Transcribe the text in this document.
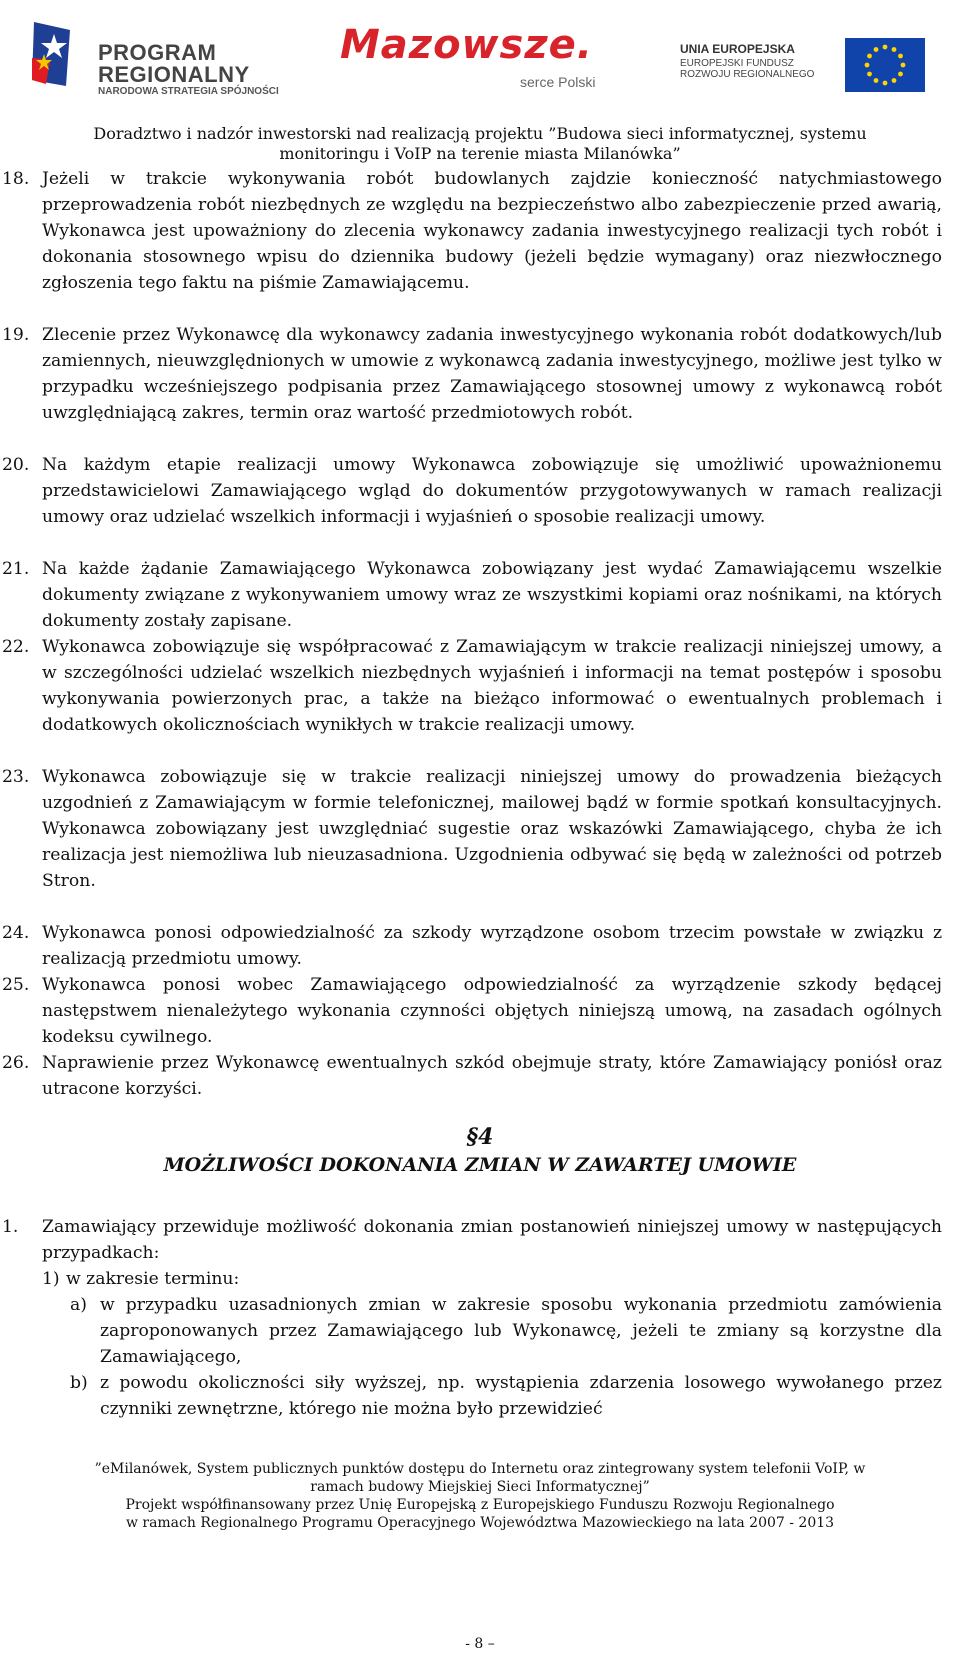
PROGRAM
REGIONALNY
NARODOWA STRATEGIA SPÓJNOŚCI
Mazowsze.
serce Polski
UNIA EUROPEJSKA
EUROPEJSKI FUNDUSZ
ROZWOJU REGIONALNEGO
Doradztwo i nadzór inwestorski nad realizacją projektu ”Budowa sieci informatycznej, systemu
monitoringu i VoIP na terenie miasta Milanówka”
18. Jeżeli w trakcie wykonywania robót budowlanych zajdzie konieczność natychmiastowego przeprowadzenia robót niezbędnych ze względu na bezpieczeństwo albo zabezpieczenie przed awarią, Wykonawca jest upoważniony do zlecenia wykonawcy zadania inwestycyjnego realizacji tych robót i dokonania stosownego wpisu do dziennika budowy (jeżeli będzie wymagany) oraz niezwłocznego zgłoszenia tego faktu na piśmie Zamawiającemu.
19. Zlecenie przez Wykonawcę dla wykonawcy zadania inwestycyjnego wykonania robót dodatkowych/lub zamiennych, nieuwzględnionych w umowie z wykonawcą zadania inwestycyjnego, możliwe jest tylko w przypadku wcześniejszego podpisania przez Zamawiającego stosownej umowy z wykonawcą robót uwzględniającą zakres, termin oraz wartość przedmiotowych robót.
20. Na każdym etapie realizacji umowy Wykonawca zobowiązuje się umożliwić upoważnionemu przedstawicielowi Zamawiającego wgląd do dokumentów przygotowywanych w ramach realizacji umowy oraz udzielać wszelkich informacji i wyjaśnień o sposobie realizacji umowy.
21. Na każde żądanie Zamawiającego Wykonawca zobowiązany jest wydać Zamawiającemu wszelkie dokumenty związane z wykonywaniem umowy wraz ze wszystkimi kopiami oraz nośnikami, na których dokumenty zostały zapisane.
22. Wykonawca zobowiązuje się współpracować z Zamawiającym w trakcie realizacji niniejszej umowy, a w szczególności udzielać wszelkich niezbędnych wyjaśnień i informacji na temat postępów i sposobu wykonywania powierzonych prac, a także na bieżąco informować o ewentualnych problemach i dodatkowych okolicznościach wynikłych w trakcie realizacji umowy.
23. Wykonawca zobowiązuje się w trakcie realizacji niniejszej umowy do prowadzenia bieżących uzgodnień z Zamawiającym w formie telefonicznej, mailowej bądź w formie spotkań konsultacyjnych. Wykonawca zobowiązany jest uwzględniać sugestie oraz wskazówki Zamawiającego, chyba że ich realizacja jest niemożliwa lub nieuzasadniona. Uzgodnienia odbywać się będą w zależności od potrzeb Stron.
24. Wykonawca ponosi odpowiedzialność za szkody wyrządzone osobom trzecim powstałe w związku z realizacją przedmiotu umowy.
25. Wykonawca ponosi wobec Zamawiającego odpowiedzialność za wyrządzenie szkody będącej następstwem nienależytego wykonania czynności objętych niniejszą umową, na zasadach ogólnych kodeksu cywilnego.
26. Naprawienie przez Wykonawcę ewentualnych szkód obejmuje straty, które Zamawiający poniósł oraz utracone korzyści.
§4
MOŻLIWOŚCI DOKONANIA ZMIAN W ZAWARTEJ UMOWIE
1.	Zamawiający przewiduje możliwość dokonania zmian postanowień niniejszej umowy w następujących przypadkach:
1) w zakresie terminu:
a) w przypadku uzasadnionych zmian w zakresie sposobu wykonania przedmiotu zamówienia zaproponowanych przez Zamawiającego lub Wykonawcę, jeżeli te zmiany są korzystne dla Zamawiającego,
b) z powodu okoliczności siły wyższej, np. wystąpienia zdarzenia losowego wywołanego przez czynniki zewnętrzne, którego nie można było przewidzieć
”eMilanówek, System publicznych punktów dostępu do Internetu oraz zintegrowany system telefonii VoIP, w
ramach budowy Miejskiej Sieci Informatycznej”
Projekt współfinansowany przez Unię Europejską z Europejskiego Funduszu Rozwoju Regionalnego
w ramach Regionalnego Programu Operacyjnego Województwa Mazowieckiego na lata 2007 - 2013
- 8 –
